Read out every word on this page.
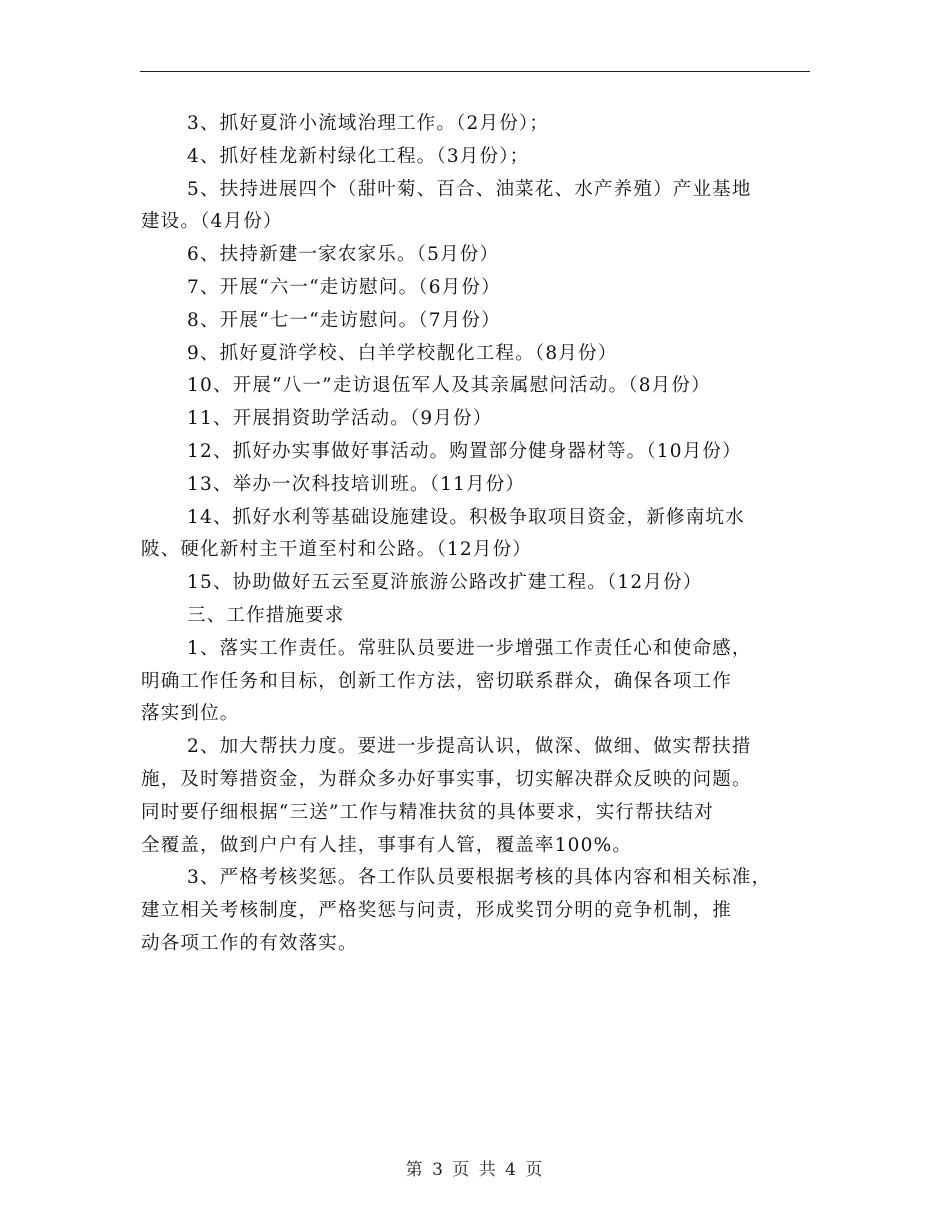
3、抓好夏浒小流域治理工作。（2月份）；
4、抓好桂龙新村绿化工程。（3月份）；
5、扶持进展四个（甜叶菊、百合、油菜花、水产养殖）产业基地
建设。（4月份）
6、扶持新建一家农家乐。（5月份）
7、开展“六一“走访慰问。（6月份）
8、开展“七一“走访慰问。（7月份）
9、抓好夏浒学校、白羊学校靓化工程。（8月份）
10、开展“八一”走访退伍军人及其亲属慰问活动。（8月份）
11、开展捐资助学活动。（9月份）
12、抓好办实事做好事活动。购置部分健身器材等。（10月份）
13、举办一次科技培训班。（11月份）
14、抓好水利等基础设施建设。积极争取项目资金，新修南坑水
陂、硬化新村主干道至村和公路。（12月份）
15、协助做好五云至夏浒旅游公路改扩建工程。（12月份）
三、工作措施要求
1、落实工作责任。常驻队员要进一步增强工作责任心和使命感，
明确工作任务和目标，创新工作方法，密切联系群众，确保各项工作
落实到位。
2、加大帮扶力度。要进一步提高认识，做深、做细、做实帮扶措
施，及时筹措资金，为群众多办好事实事，切实解决群众反映的问题。
同时要仔细根据“三送”工作与精准扶贫的具体要求，实行帮扶结对
全覆盖，做到户户有人挂，事事有人管，覆盖率100%。
3、严格考核奖惩。各工作队员要根据考核的具体内容和相关标准，
建立相关考核制度，严格奖惩与问责，形成奖罚分明的竞争机制，推
动各项工作的有效落实。
第 3 页 共 4 页
